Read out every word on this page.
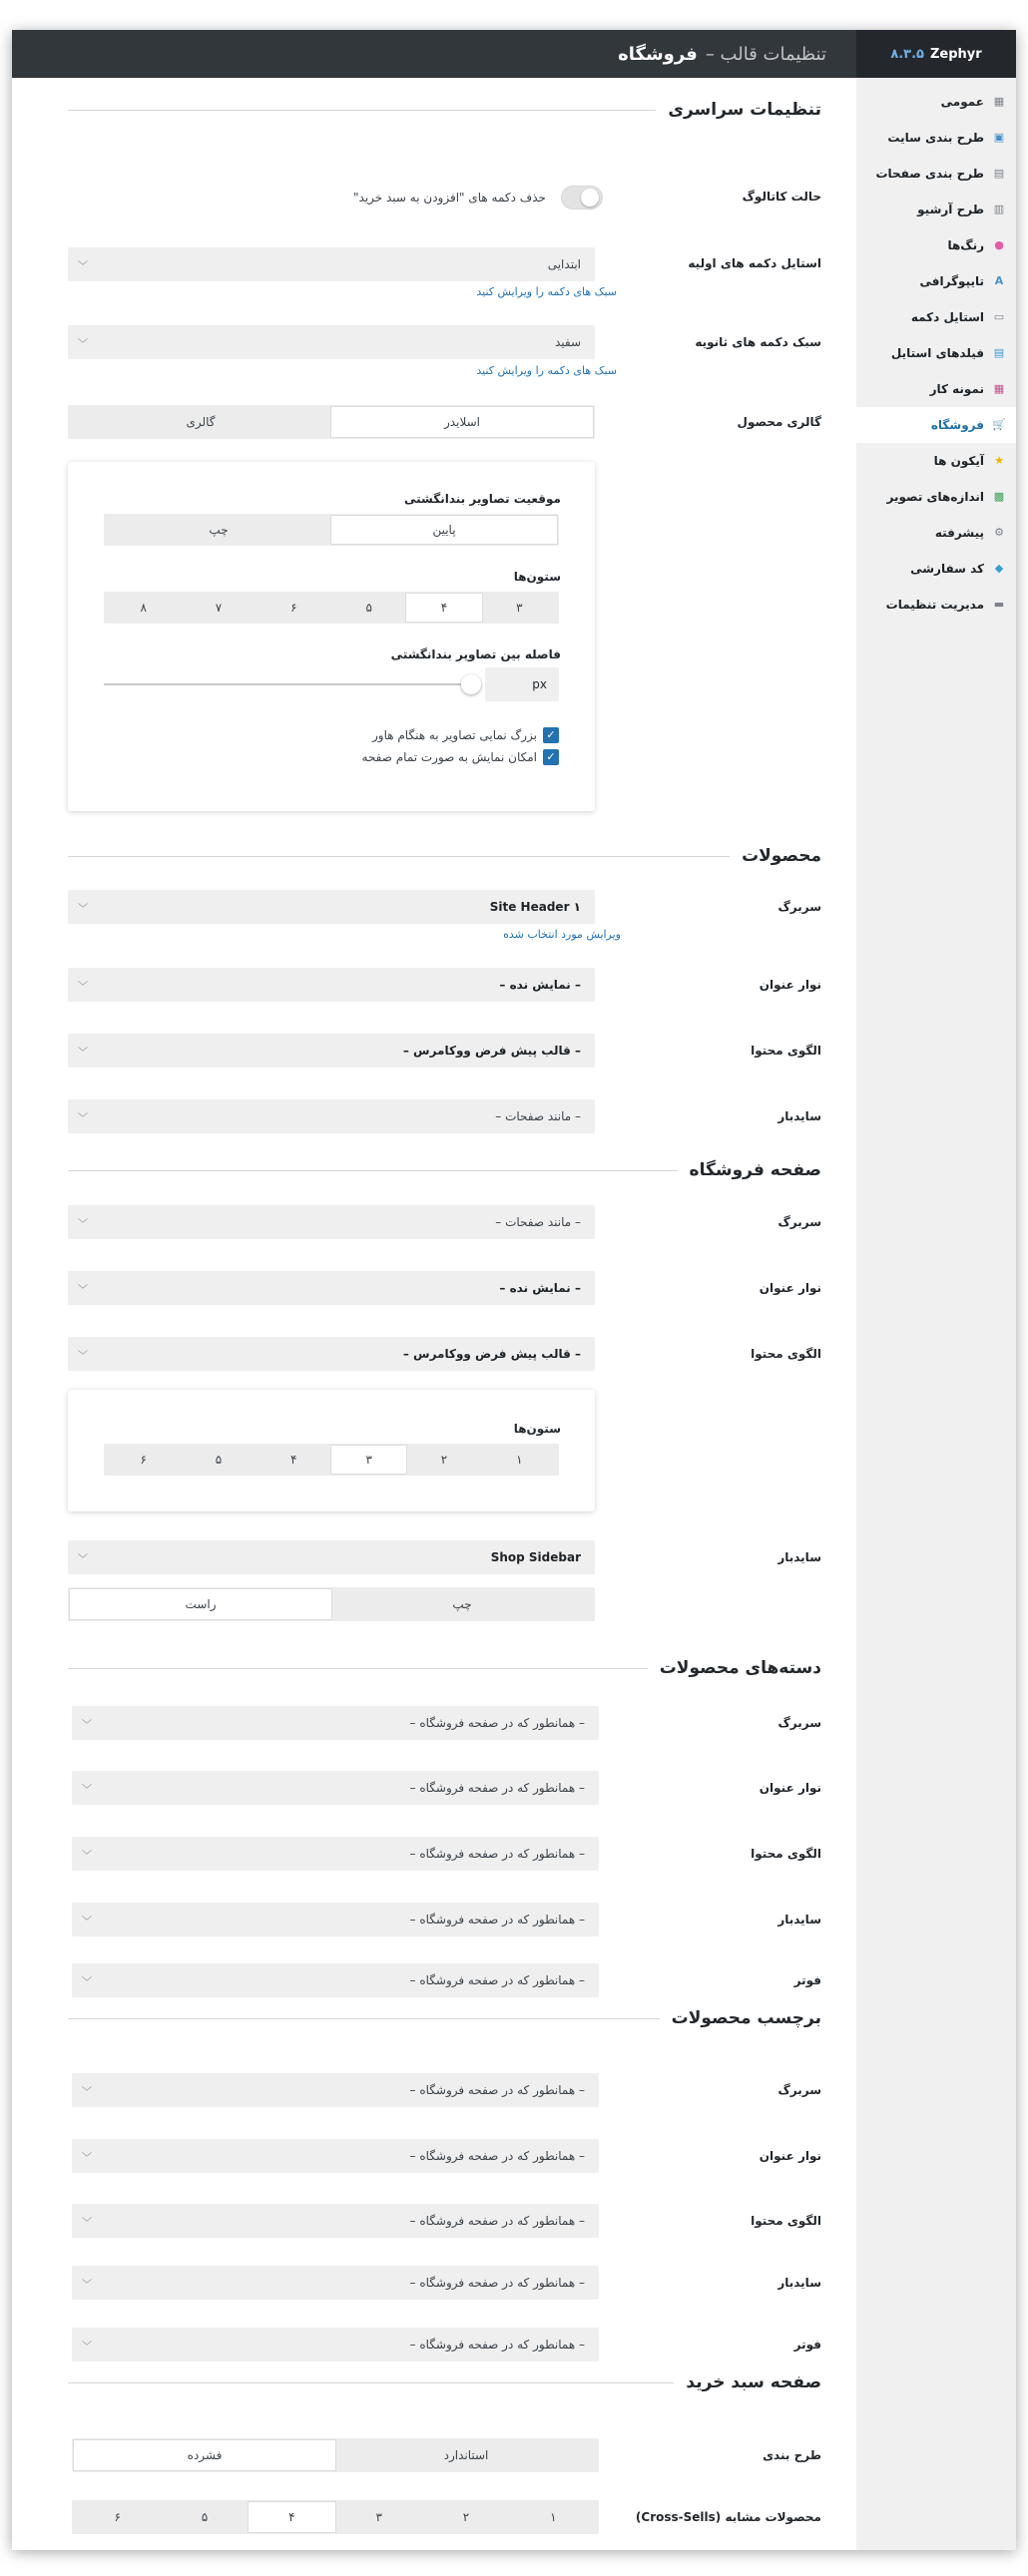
Zephyr
۸.۳.۵
تنظیمات قالب –
فروشگاه
▦
عمومی
▣
طرح بندی سایت
▤
طرح بندی صفحات
▥
طرح آرشیو
●
رنگ‌ها
A
تایپوگرافی
▭
استایل دکمه
▤
فیلدهای استایل
▦
نمونه کار
🛒
فروشگاه
★
آیکون ها
▩
اندازه‌های تصویر
⚙
پیشرفته
◆
کد سفارشی
▬
مدیریت تنظیمات
تنظیمات سراسری
حالت کاتالوگ
حذف دکمه های "افزودن به سبد خرید"
استایل دکمه های اولیه
ابتدایی
﹀
سبک های دکمه را ویرایش کنید
سبک دکمه های ثانویه
سفید
﹀
سبک های دکمه را ویرایش کنید
گالری محصول
اسلایدر
گالری
موقعیت تصاویر بندانگشتی
پایین
چپ
ستون‌ها
۳
۴
۵
۶
۷
۸
فاصله بین تصاویر بندانگشتی
px
✓
بزرگ نمایی تصاویر به هنگام هاور
✓
امکان نمایش به صورت تمام صفحه
محصولات
سربرگ
Site Header ۱
﹀
ویرایش مورد انتخاب شده
نوار عنوان
– نمایش نده –
﹀
الگوی محتوا
– قالب پیش فرض ووکامرس –
﹀
سایدبار
– مانند صفحات –
﹀
صفحه فروشگاه
سربرگ
– مانند صفحات –
﹀
نوار عنوان
– نمایش نده –
﹀
الگوی محتوا
– قالب پیش فرض ووکامرس –
﹀
ستون‌ها
۱
۲
۳
۴
۵
۶
سایدبار
Shop Sidebar
﹀
چپ
راست
دسته‌های محصولات
سربرگ
– همانطور که در صفحه فروشگاه –
﹀
نوار عنوان
– همانطور که در صفحه فروشگاه –
﹀
الگوی محتوا
– همانطور که در صفحه فروشگاه –
﹀
سایدبار
– همانطور که در صفحه فروشگاه –
﹀
فوتر
– همانطور که در صفحه فروشگاه –
﹀
برچسب محصولات
سربرگ
– همانطور که در صفحه فروشگاه –
﹀
نوار عنوان
– همانطور که در صفحه فروشگاه –
﹀
الگوی محتوا
– همانطور که در صفحه فروشگاه –
﹀
سایدبار
– همانطور که در صفحه فروشگاه –
﹀
فوتر
– همانطور که در صفحه فروشگاه –
﹀
صفحه سبد خرید
طرح بندی
استاندارد
فشرده
محصولات مشابه (Cross-Sells)
۱
۲
۳
۴
۵
۶
